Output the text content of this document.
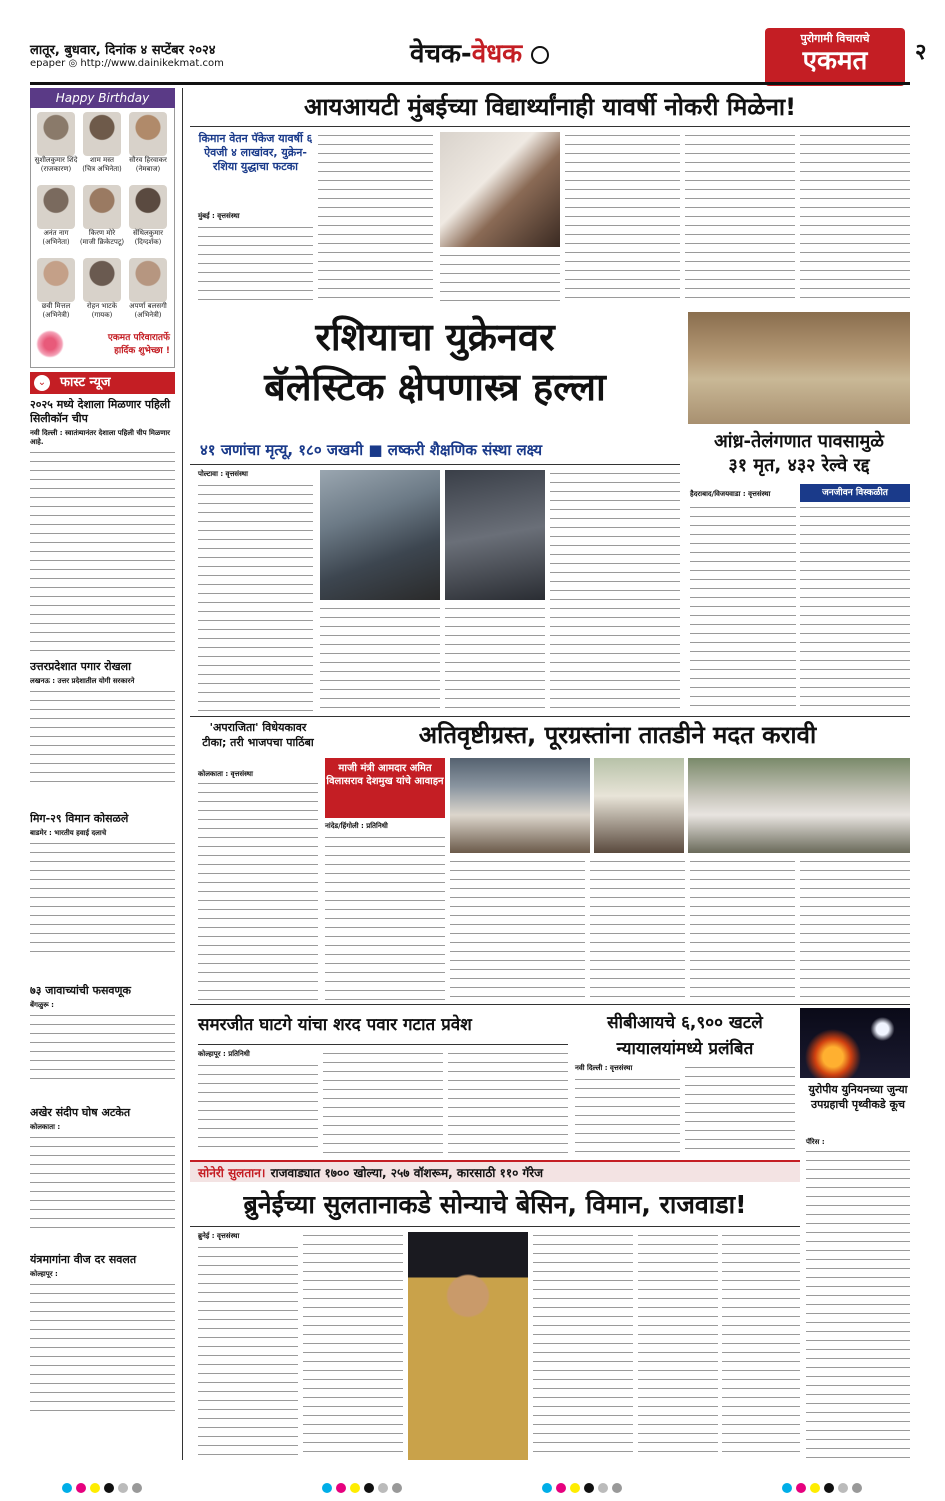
लातूर, बुधवार, दिनांक ४ सप्टेंबर २०२४
epaper ◎ http://www.dainikekmat.com	वेचक-वेधक
पुरोगामी विचाराचे
एकमत	२
Happy Birthday
सुशीलकुमार शिंदे
(राजकारण)
शाम मस्त
(चित्र अभिनेता)
सौरव हिरवाकर
(नेमबाज)
अनंत नाग
(अभिनेता)
किरण मोरे
(माजी क्रिकेटपटू)
सेंथिलकुमार
(दिग्दर्शक)
छवी मित्तल
(अभिनेत्री)
रोहन भाटके
(गायक)
अपर्णा बलसगी
(अभिनेत्री)
एकमत परिवारातर्फे
हार्दिक शुभेच्छा !
फास्ट न्यूज
⌄
२०२५ मध्ये देशाला मिळणार पहिली सिलीकॉन चीप
नवी दिल्ली : स्वातंत्र्यानंतर देशाला पहिली चीप मिळणार आहे.
उत्तरप्रदेशात पगार रोखला
लखनऊ : उत्तर प्रदेशातील योगी सरकारने
मिग-२९ विमान कोसळले
बाडमेर : भारतीय हवाई दलाचे
७३ जावाच्यांची फसवणूक
बेंगळुरू :
अखेर संदीप घोष अटकेत
कोलकाता :
यंत्रमागांना वीज दर सवलत
कोल्हापूर :
आयआयटी मुंबईच्या विद्यार्थ्यांनाही यावर्षी नोकरी मिळेना!
किमान वेतन पॅकेज यावर्षी ६ ऐवजी ४ लाखांवर, युक्रेन-रशिया युद्धाचा फटका
मुंबई : वृत्तसंस्था
रशियाचा युक्रेनवर
बॅलेस्टिक क्षेपणास्त्र हल्ला
४१ जणांचा मृत्यू, १८० जखमी ■ लष्करी शैक्षणिक संस्था लक्ष्य
पोल्टावा : वृत्तसंस्था
आंध्र-तेलंगणात पावसामुळे
३१ मृत, ४३२ रेल्वे रद्द
हैदराबाद/विजयवाडा : वृत्तसंस्था	जनजीवन विस्कळीत
'अपराजिता' विधेयकावर टीका; तरी भाजपचा पाठिंबा
कोलकाता : वृत्तसंस्था
अतिवृष्टीग्रस्त, पूरग्रस्तांना तातडीने मदत करावी
माजी मंत्री आमदार अमित विलासराव देशमुख यांचे आवाहन
नांदेड/हिंगोली : प्रतिनिधी
समरजीत घाटगे यांचा शरद पवार गटात प्रवेश
कोल्हापूर : प्रतिनिधी
सीबीआयचे ६,९०० खटले
न्यायालयांमध्ये प्रलंबित
नवी दिल्ली : वृत्तसंस्था
युरोपीय युनियनच्या जुन्या उपग्रहाची पृथ्वीकडे कूच
पॅरिस :
सोनेरी सुलतान। राजवाड्यात १७०० खोल्या, २५७ वॉशरूम, कारसाठी ११० गॅरेज
ब्रुनेईच्या सुलतानाकडे सोन्याचे बेसिन, विमान, राजवाडा!
ब्रुनेई : वृत्तसंस्था
